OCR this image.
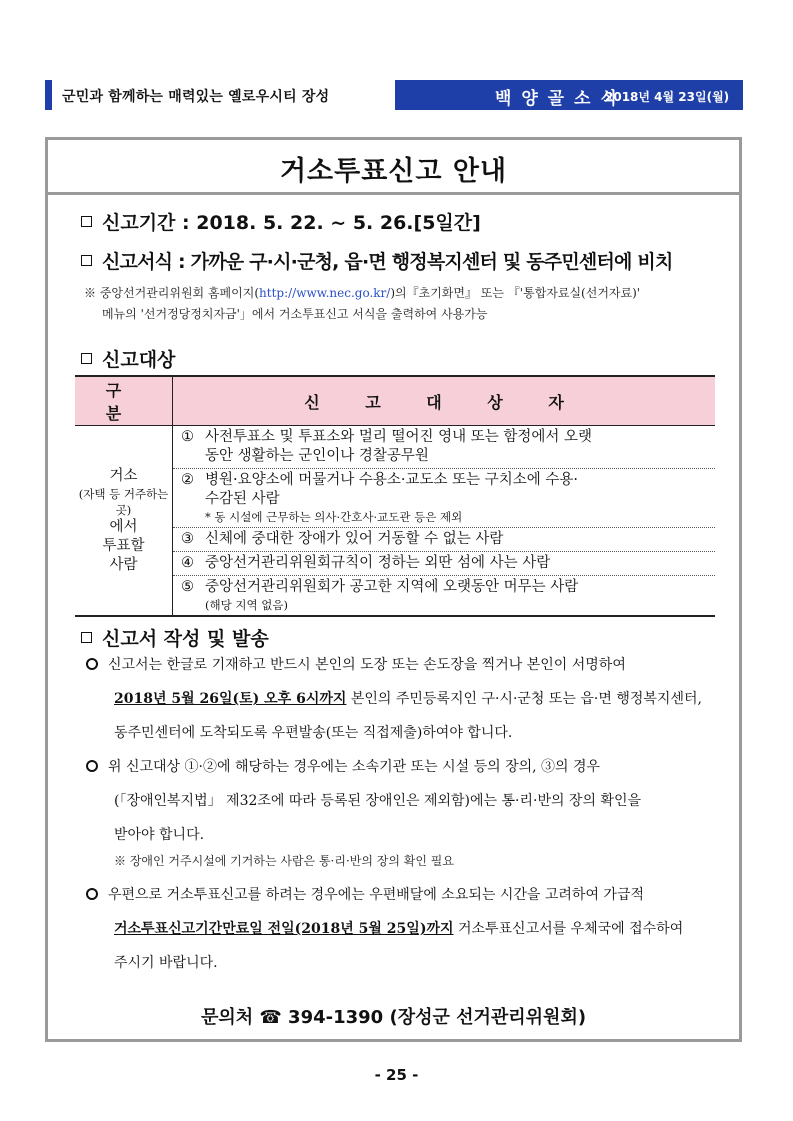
군민과 함께하는 매력있는 옐로우시티 장성	백 양 골 소 식
2018년 4월 23일(월)
거소투표신고 안내
신고기간 : 2018. 5. 22. ~ 5. 26.[5일간]
신고서식 : 가까운 구·시·군청, 읍·면 행정복지센터 및 동주민센터에 비치
※ 중앙선거관리위원회 홈페이지(http://www.nec.go.kr/)의『초기화면』 또는 『'통합자료실(선거자료)'
메뉴의 '선거정당정치자금'」에서 거소투표신고 서식을 출력하여 사용가능
신고대상
구 분	신 고 대 상 자
거소

(자택 등 거주하는 곳)
에서
투표할
사람	① 사전투표소 및 투표소와 멀리 떨어진 영내 또는 함정에서 오랫
동안 생활하는 군인이나 경찰공무원

	② 병원·요양소에 머물거나 수용소·교도소 또는 구치소에 수용·
수감된 사람
* 동 시설에 근무하는 의사·간호사·교도관 등은 제외

	③ 신체에 중대한 장애가 있어 거동할 수 없는 사람
	④ 중앙선거관리위원회규칙이 정하는 외딴 섬에 사는 사람
	⑤ 중앙선거관리위원회가 공고한 지역에 오랫동안 머무는 사람
(해당 지역 없음)
신고서 작성 및 발송
신고서는 한글로 기재하고 반드시 본인의 도장 또는 손도장을 찍거나 본인이 서명하여
2018년 5월 26일(토) 오후 6시까지 본인의 주민등록지인 구·시·군청 또는 읍·면 행정복지센터,
동주민센터에 도착되도록 우편발송(또는 직접제출)하여야 합니다.
위 신고대상 ①·②에 해당하는 경우에는 소속기관 또는 시설 등의 장의, ③의 경우
(「장애인복지법」 제32조에 따라 등록된 장애인은 제외함)에는 통·리·반의 장의 확인을
받아야 합니다.
※ 장애인 거주시설에 기거하는 사람은 통·리·반의 장의 확인 필요
우편으로 거소투표신고를 하려는 경우에는 우편배달에 소요되는 시간을 고려하여 가급적
거소투표신고기간만료일 전일(2018년 5월 25일)까지 거소투표신고서를 우체국에 접수하여
주시기 바랍니다.
문의처 ☎ 394-1390 (장성군 선거관리위원회)
- 25 -
